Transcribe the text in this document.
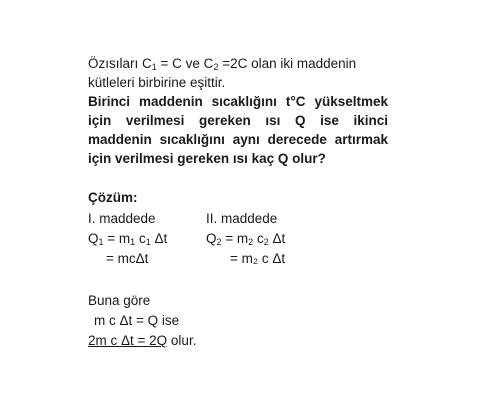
Özısıları $C_1 = C$ ve $C_2 =2C$ olan iki maddenin kütleleri birbirine eşittir.

Birinci maddenin sıcaklığını t°C yükseltmek için verilmesi gereken ısı Q ise ikinci maddenin sıcaklığını aynı derecede artırmak için verilmesi gereken ısı kaç Q olur?

Çözüm:
I. maddede
$Q_1 = m_1$ $c_1$ Δt
= mcΔt
II. maddede
$Q_2 = m_2$ $c_2$ Δt
= m₂ c Δt
Buna göre
m c Δt = Q ise
2m c Δt = 2Q olur.
